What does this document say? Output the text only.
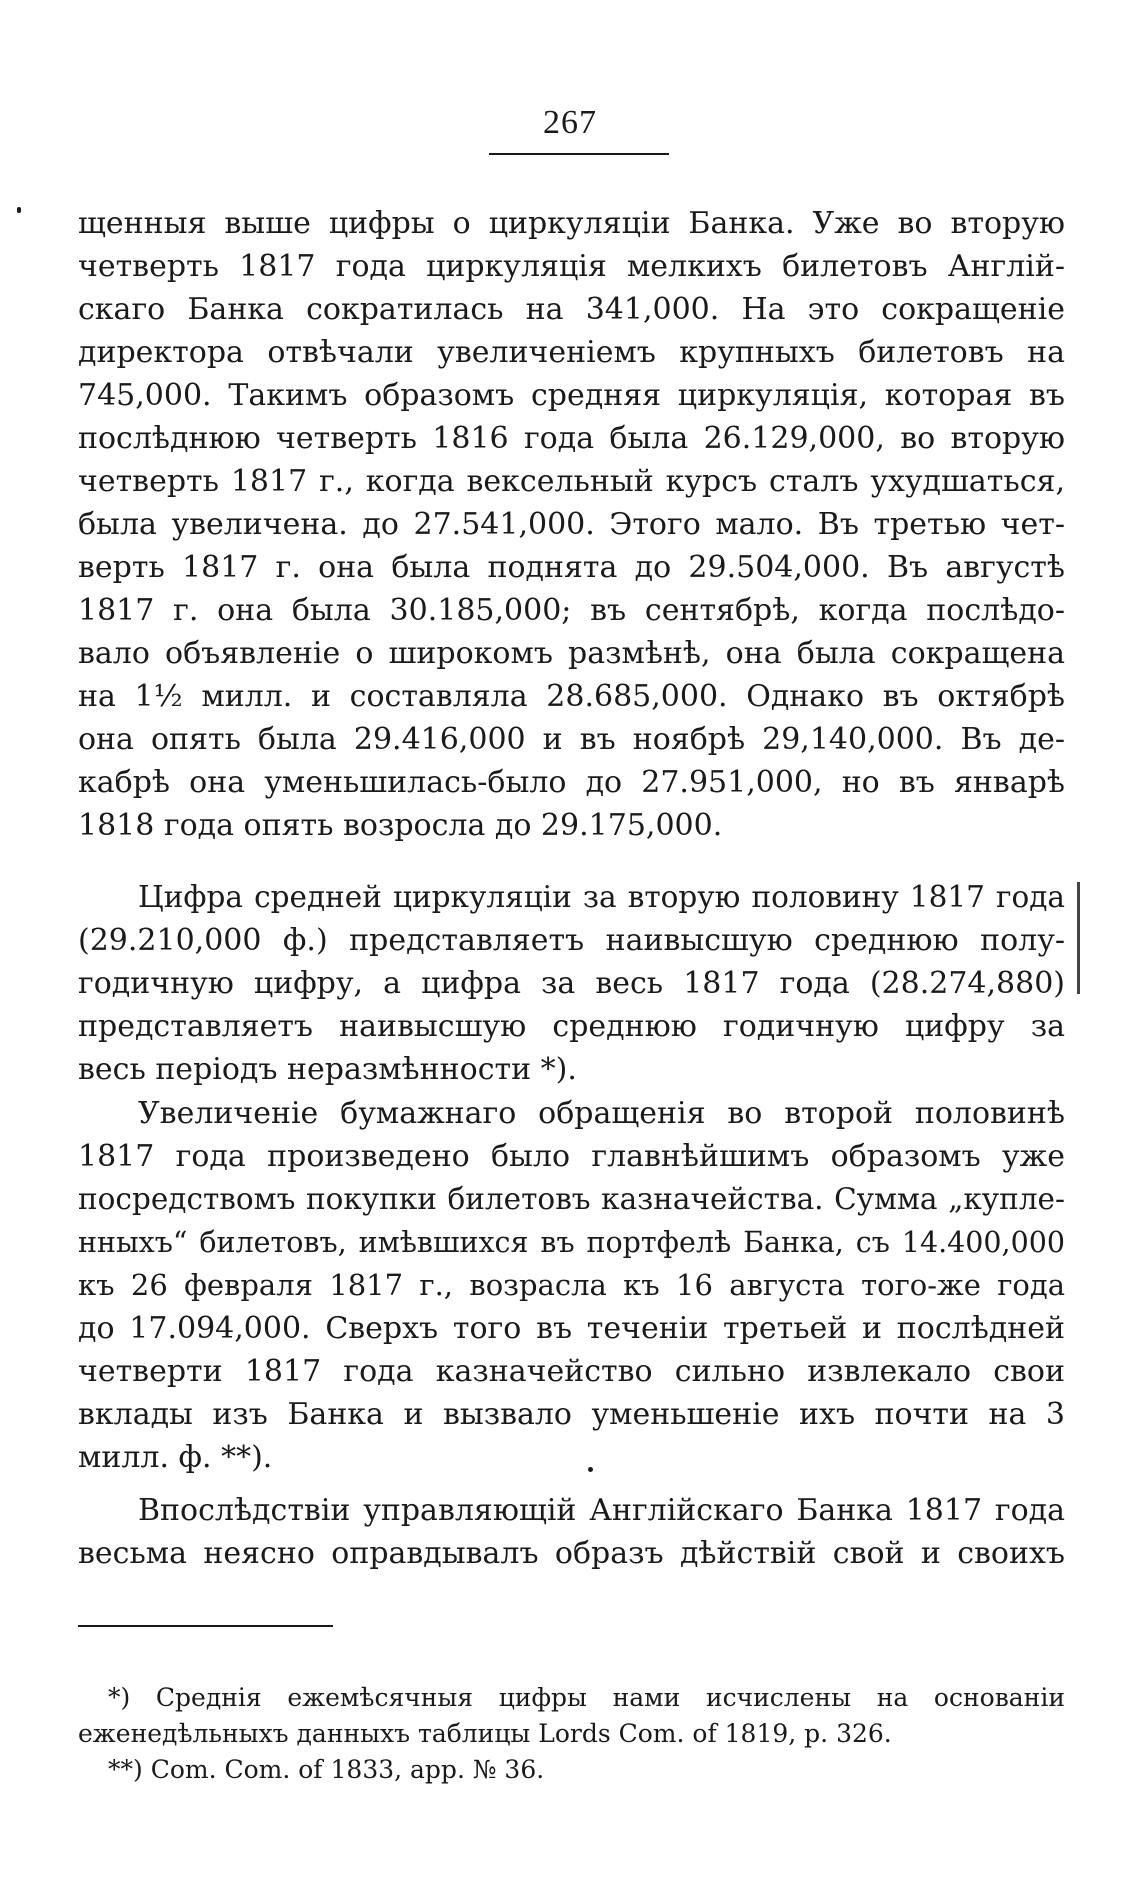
267
щенныя выше цифры о циркуляціи Банка. Уже во вторую
четверть 1817 года циркуляція мелкихъ билетовъ Англій-
скаго Банка сократилась на 341,000. На это сокращеніе
директора отвѣчали увеличеніемъ крупныхъ билетовъ на
745,000. Такимъ образомъ средняя циркуляція, которая въ
послѣднюю четверть 1816 года была 26.129,000, во вторую
четверть 1817 г., когда вексельный курсъ сталъ ухудшаться,
была увеличена. до 27.541,000. Этого мало. Въ третью чет-
верть 1817 г. она была поднята до 29.504,000. Въ августѣ
1817 г. она была 30.185,000; въ сентябрѣ, когда послѣдо-
вало объявленіе о широкомъ размѣнѣ, она была сокращена
на 1½ милл. и составляла 28.685,000. Однако въ октябрѣ
она опять была 29.416,000 и въ ноябрѣ 29,140,000. Въ де-
кабрѣ она уменьшилась-было до 27.951,000, но въ январѣ
1818 года опять возросла до 29.175,000.
Цифра средней циркуляціи за вторую половину 1817 года
(29.210,000 ф.) представляетъ наивысшую среднюю полу-
годичную цифру, а цифра за весь 1817 года (28.274,880)
представляетъ наивысшую среднюю годичную цифру за
весь періодъ неразмѣнности *).
Увеличеніе бумажнаго обращенія во второй половинѣ
1817 года произведено было главнѣйшимъ образомъ уже
посредствомъ покупки билетовъ казначейства. Сумма „купле-
нныхъ“ билетовъ, имѣвшихся въ портфелѣ Банка, съ 14.400,000
къ 26 февраля 1817 г., возрасла къ 16 августа того-же года
до 17.094,000. Сверхъ того въ теченіи третьей и послѣдней
четверти 1817 года казначейство сильно извлекало свои
вклады изъ Банка и вызвало уменьшеніе ихъ почти на 3
милл. ф. **).
Впослѣдствіи управляющій Англійскаго Банка 1817 года
весьма неясно оправдывалъ образъ дѣйствій свой и своихъ
*) Среднія ежемѣсячныя цифры нами исчислены на основаніи
еженедѣльныхъ данныхъ таблицы Lords Com. of 1819, p. 326.
**) Com. Com. of 1833, app. № 36.
